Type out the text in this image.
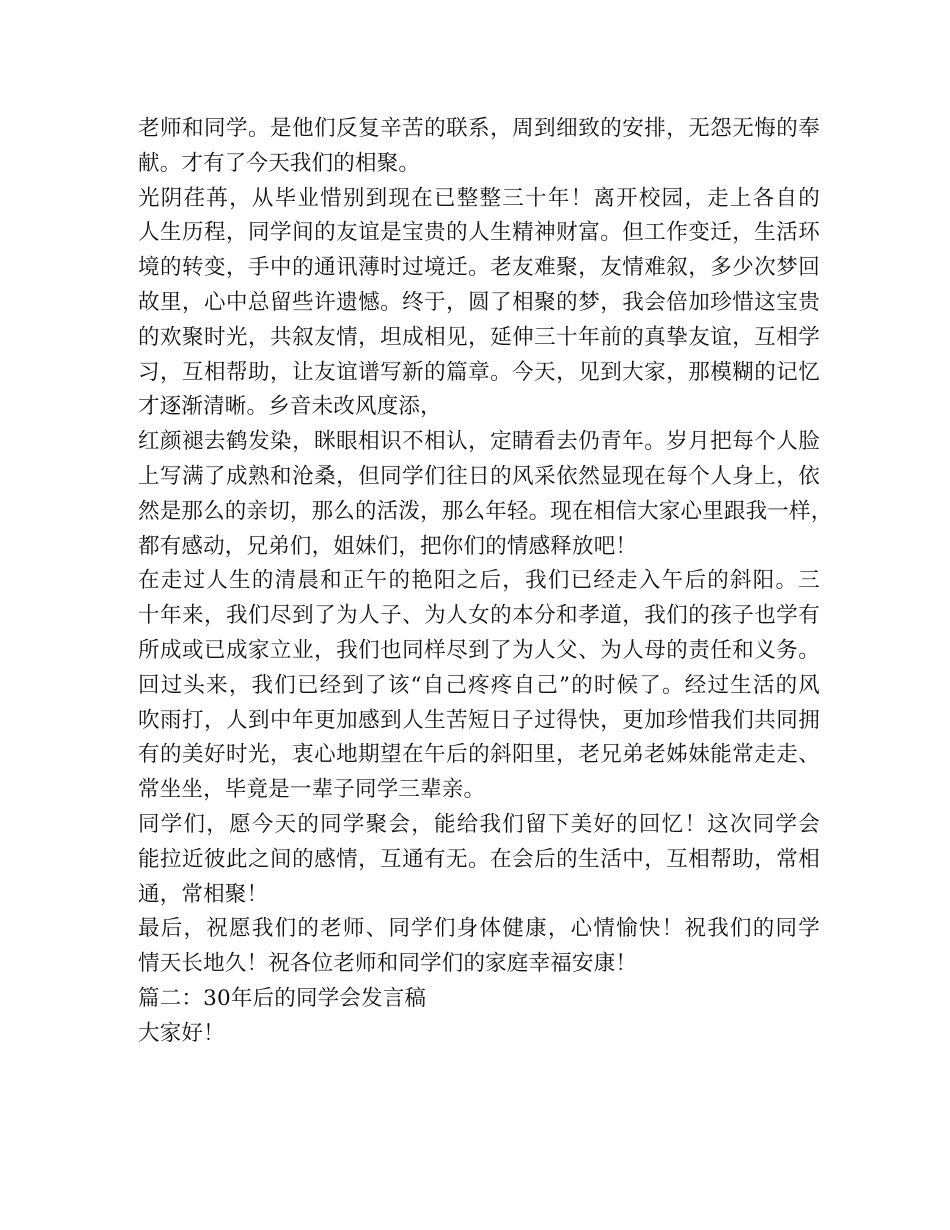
老师和同学。是他们反复辛苦的联系，周到细致的安排，无怨无悔的奉
献。才有了今天我们的相聚。
光阴荏苒，从毕业惜别到现在已整整三十年！离开校园，走上各自的
人生历程，同学间的友谊是宝贵的人生精神财富。但工作变迁，生活环
境的转变，手中的通讯薄时过境迁。老友难聚，友情难叙，多少次梦回
故里，心中总留些许遗憾。终于，圆了相聚的梦，我会倍加珍惜这宝贵
的欢聚时光，共叙友情，坦成相见，延伸三十年前的真挚友谊，互相学
习，互相帮助，让友谊谱写新的篇章。今天，见到大家，那模糊的记忆
才逐渐清晰。乡音未改风度添，
红颜褪去鹤发染，眯眼相识不相认，定睛看去仍青年。岁月把每个人脸
上写满了成熟和沧桑，但同学们往日的风采依然显现在每个人身上，依
然是那么的亲切，那么的活泼，那么年轻。现在相信大家心里跟我一样，
都有感动，兄弟们，姐妹们，把你们的情感释放吧！
在走过人生的清晨和正午的艳阳之后，我们已经走入午后的斜阳。三
十年来，我们尽到了为人子、为人女的本分和孝道，我们的孩子也学有
所成或已成家立业，我们也同样尽到了为人父、为人母的责任和义务。
回过头来，我们已经到了该“自己疼疼自己”的时候了。经过生活的风
吹雨打，人到中年更加感到人生苦短日子过得快，更加珍惜我们共同拥
有的美好时光，衷心地期望在午后的斜阳里，老兄弟老姊妹能常走走、
常坐坐，毕竟是一辈子同学三辈亲。
同学们，愿今天的同学聚会，能给我们留下美好的回忆！这次同学会
能拉近彼此之间的感情，互通有无。在会后的生活中，互相帮助，常相
通，常相聚！
最后，祝愿我们的老师、同学们身体健康，心情愉快！祝我们的同学
情天长地久！祝各位老师和同学们的家庭幸福安康！
篇二：30年后的同学会发言稿
大家好！
